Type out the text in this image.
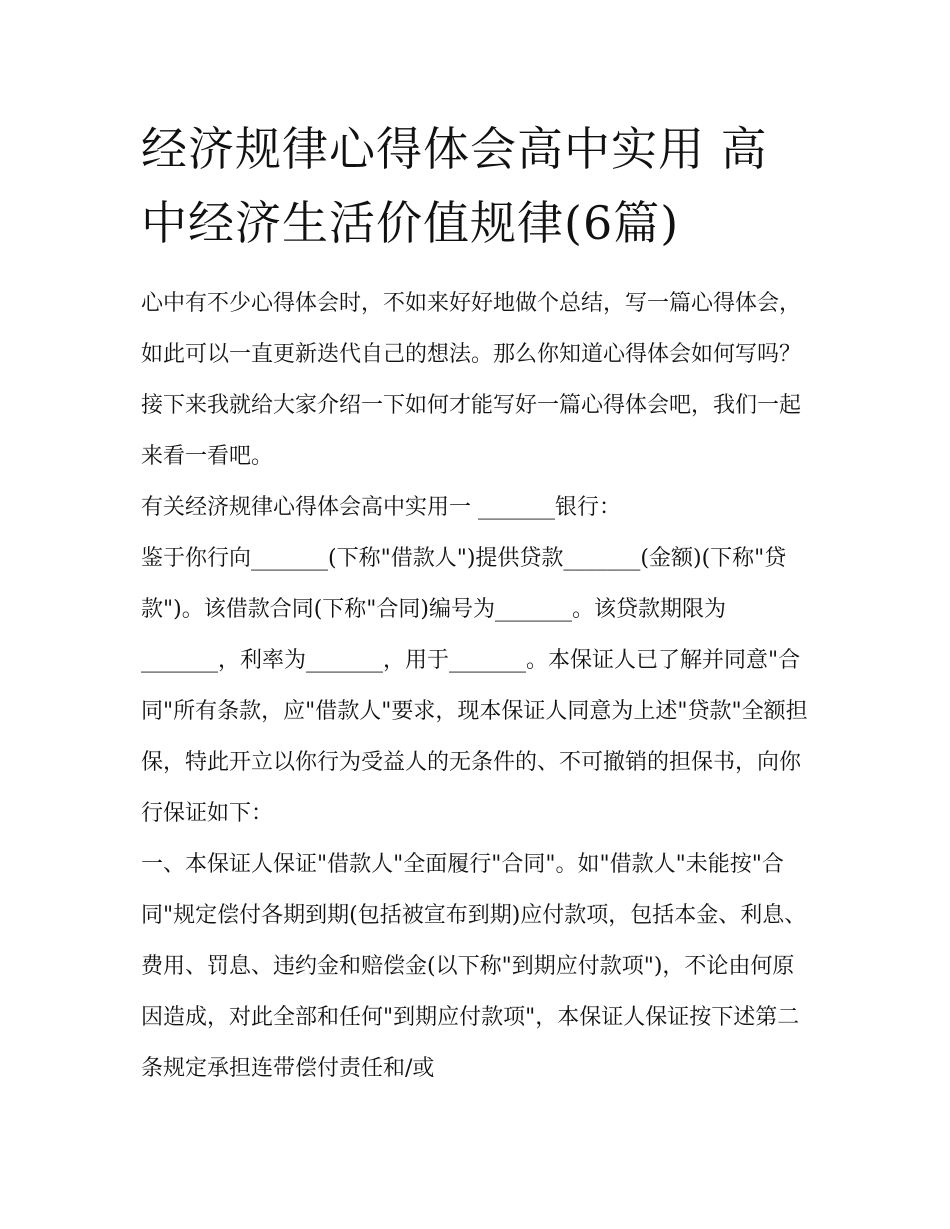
经济规律心得体会高中实用 高中经济生活价值规律(6篇)

心中有不少心得体会时，不如来好好地做个总结，写一篇心得体会，如此可以一直更新迭代自己的想法。那么你知道心得体会如何写吗？接下来我就给大家介绍一下如何才能写好一篇心得体会吧，我们一起来看一看吧。

有关经济规律心得体会高中实用一 _______银行：

鉴于你行向_______(下称"借款人")提供贷款_______(金额)(下称"贷款")。该借款合同(下称"合同)编号为_______。该贷款期限为_______，利率为_______，用于_______。本保证人已了解并同意"合同"所有条款，应"借款人"要求，现本保证人同意为上述"贷款"全额担保，特此开立以你行为受益人的无条件的、不可撤销的担保书，向你行保证如下：

一、本保证人保证"借款人"全面履行"合同"。如"借款人"未能按"合同"规定偿付各期到期(包括被宣布到期)应付款项，包括本金、利息、费用、罚息、违约金和赔偿金(以下称"到期应付款项")，不论由何原因造成，对此全部和任何"到期应付款项"，本保证人保证按下述第二条规定承担连带偿付责任和/或
